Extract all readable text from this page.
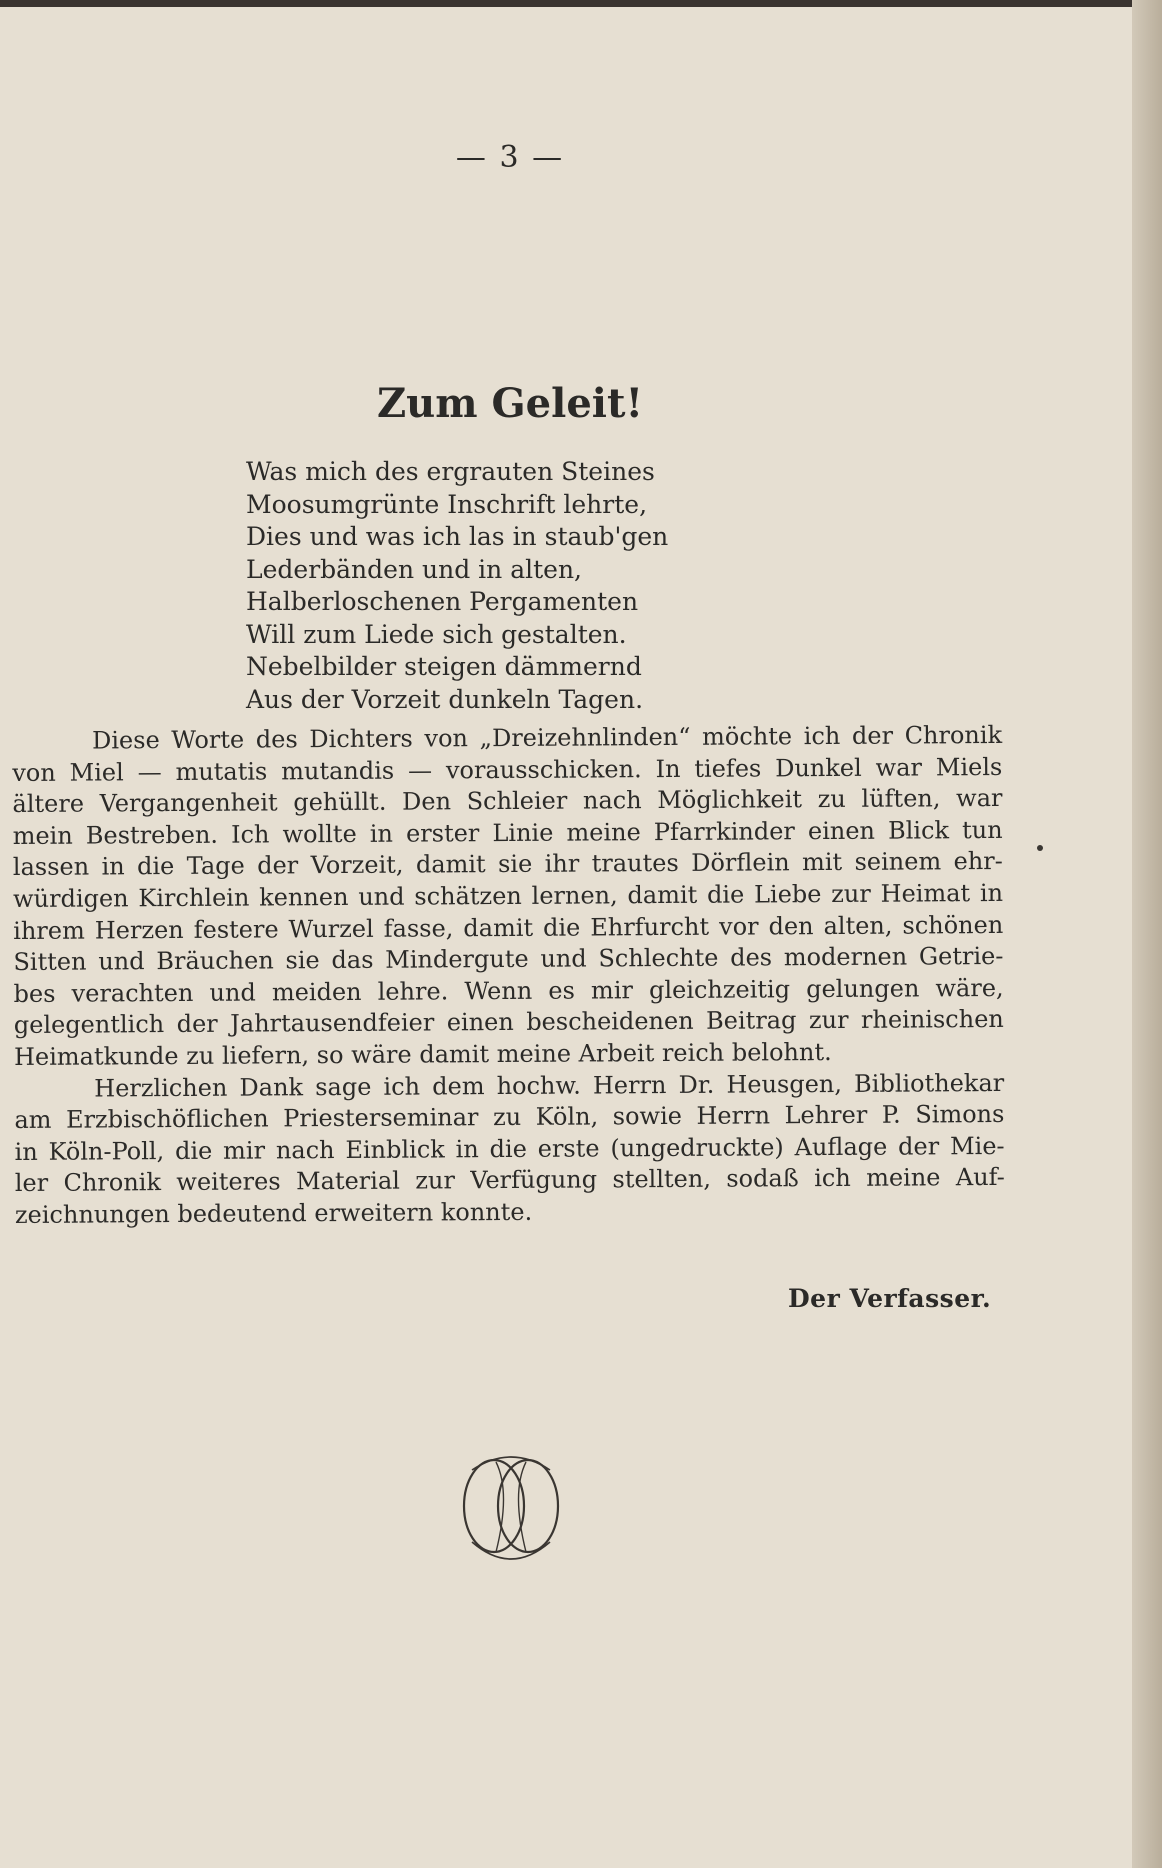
— 3 —
Zum Geleit!
Was mich des ergrauten Steines
Moosumgrünte Inschrift lehrte,
Dies und was ich las in staub'gen
Lederbänden und in alten,
Halberloschenen Pergamenten
Will zum Liede sich gestalten.
Nebelbilder steigen dämmernd
Aus der Vorzeit dunkeln Tagen.
Diese Worte des Dichters von „Dreizehnlinden“ möchte ich der Chronik
von Miel — mutatis mutandis — vorausschicken. In tiefes Dunkel war Miels
ältere Vergangenheit gehüllt. Den Schleier nach Möglichkeit zu lüften, war
mein Bestreben. Ich wollte in erster Linie meine Pfarrkinder einen Blick tun
lassen in die Tage der Vorzeit, damit sie ihr trautes Dörflein mit seinem ehr-
würdigen Kirchlein kennen und schätzen lernen, damit die Liebe zur Heimat in
ihrem Herzen festere Wurzel fasse, damit die Ehrfurcht vor den alten, schönen
Sitten und Bräuchen sie das Mindergute und Schlechte des modernen Getrie-
bes verachten und meiden lehre. Wenn es mir gleichzeitig gelungen wäre,
gelegentlich der Jahrtausendfeier einen bescheidenen Beitrag zur rheinischen
Heimatkunde zu liefern, so wäre damit meine Arbeit reich belohnt.
Herzlichen Dank sage ich dem hochw. Herrn Dr. Heusgen, Bibliothekar
am Erzbischöflichen Priesterseminar zu Köln, sowie Herrn Lehrer P. Simons
in Köln-Poll, die mir nach Einblick in die erste (ungedruckte) Auflage der Mie-
ler Chronik weiteres Material zur Verfügung stellten, sodaß ich meine Auf-
zeichnungen bedeutend erweitern konnte.
Der Verfasser.
